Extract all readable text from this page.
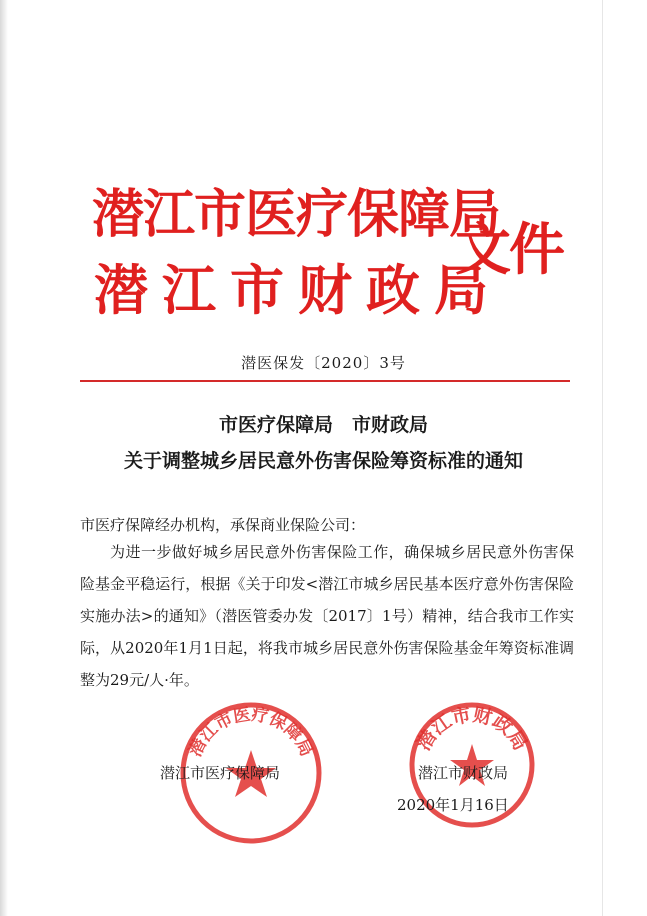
潜江市医疗保障局
潜江市财政局
文件
潜医保发〔2020〕3号
市医疗保障局　市财政局
关于调整城乡居民意外伤害保险筹资标准的通知
市医疗保障经办机构，承保商业保险公司：
为进一步做好城乡居民意外伤害保险工作，确保城乡居民意外伤害保险基金平稳运行，根据《关于印发<潜江市城乡居民基本医疗意外伤害保险实施办法>的通知》（潜医管委办发〔2017〕1号）精神，结合我市工作实际，从2020年1月1日起，将我市城乡居民意外伤害保险基金年筹资标准调整为29元/人·年。
潜江市医疗保障局	潜江市财政局
潜江市医疗保障局	潜江市财政局
2020年1月16日
